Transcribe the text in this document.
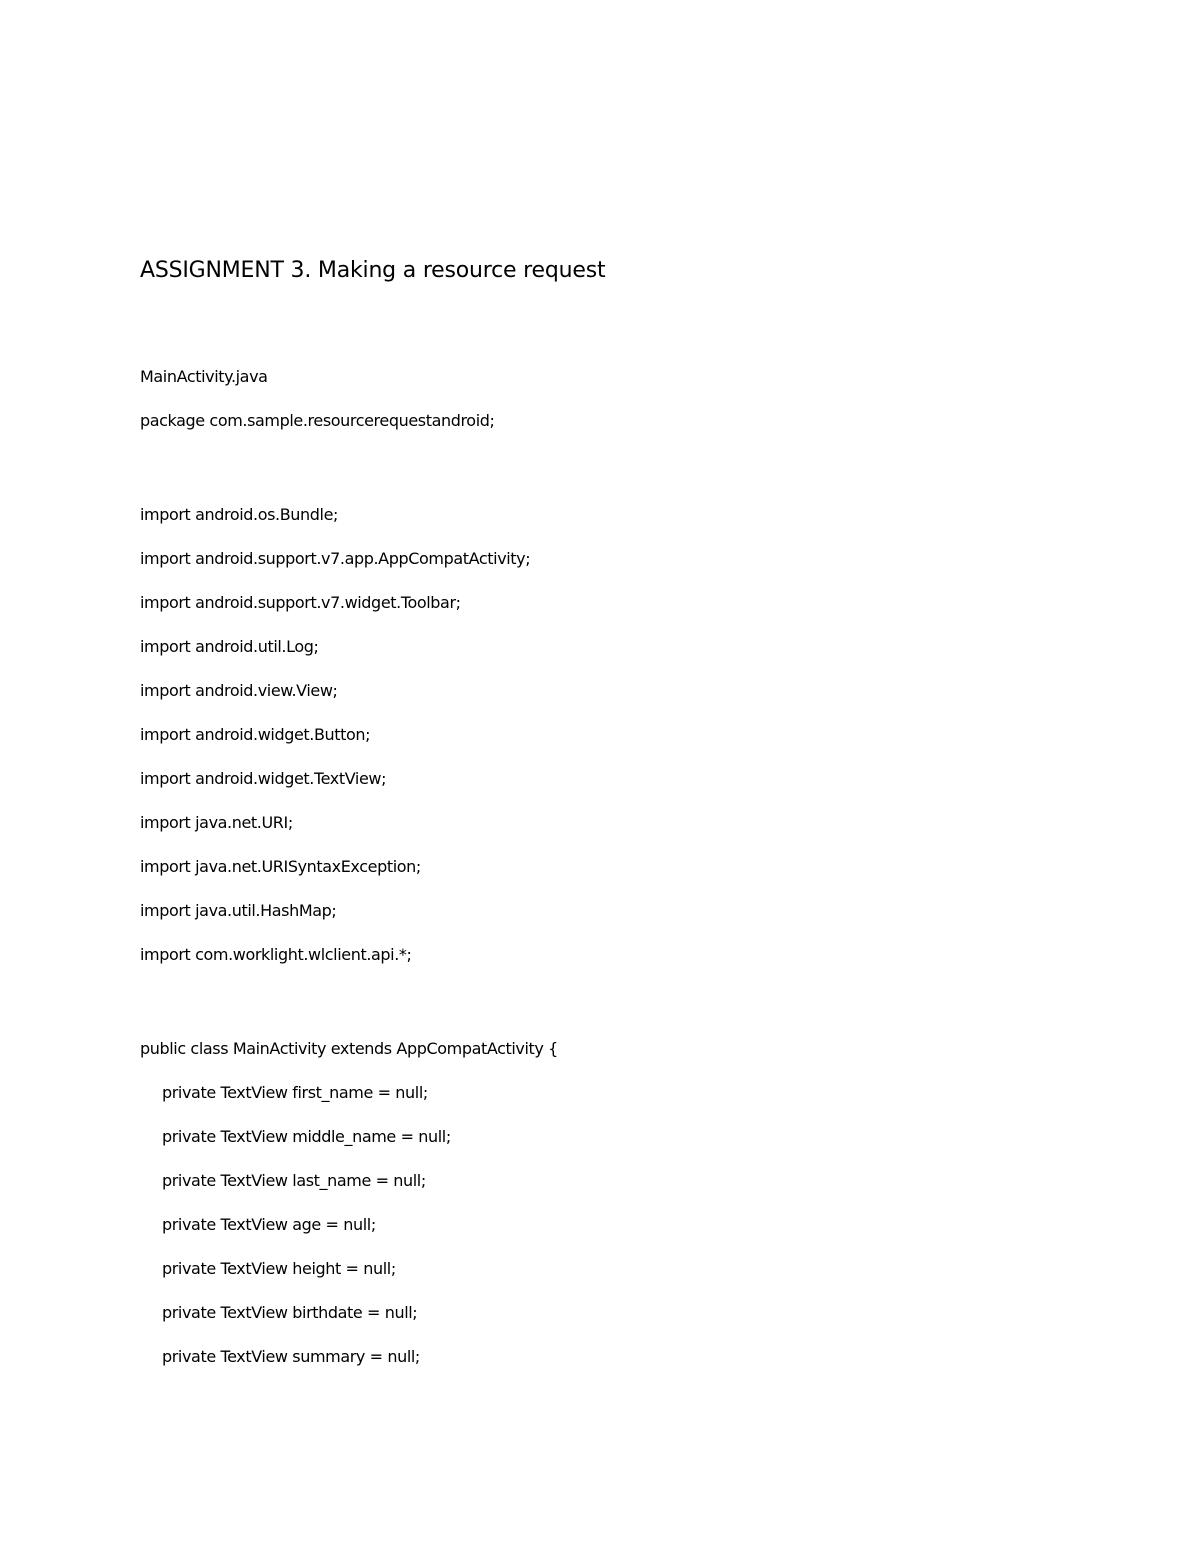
ASSIGNMENT 3. Making a resource request
MainActivity.java
package com.sample.resourcerequestandroid;
import android.os.Bundle;
import android.support.v7.app.AppCompatActivity;
import android.support.v7.widget.Toolbar;
import android.util.Log;
import android.view.View;
import android.widget.Button;
import android.widget.TextView;
import java.net.URI;
import java.net.URISyntaxException;
import java.util.HashMap;
import com.worklight.wlclient.api.*;
public class MainActivity extends AppCompatActivity {
private TextView first_name = null;
private TextView middle_name = null;
private TextView last_name = null;
private TextView age = null;
private TextView height = null;
private TextView birthdate = null;
private TextView summary = null;
